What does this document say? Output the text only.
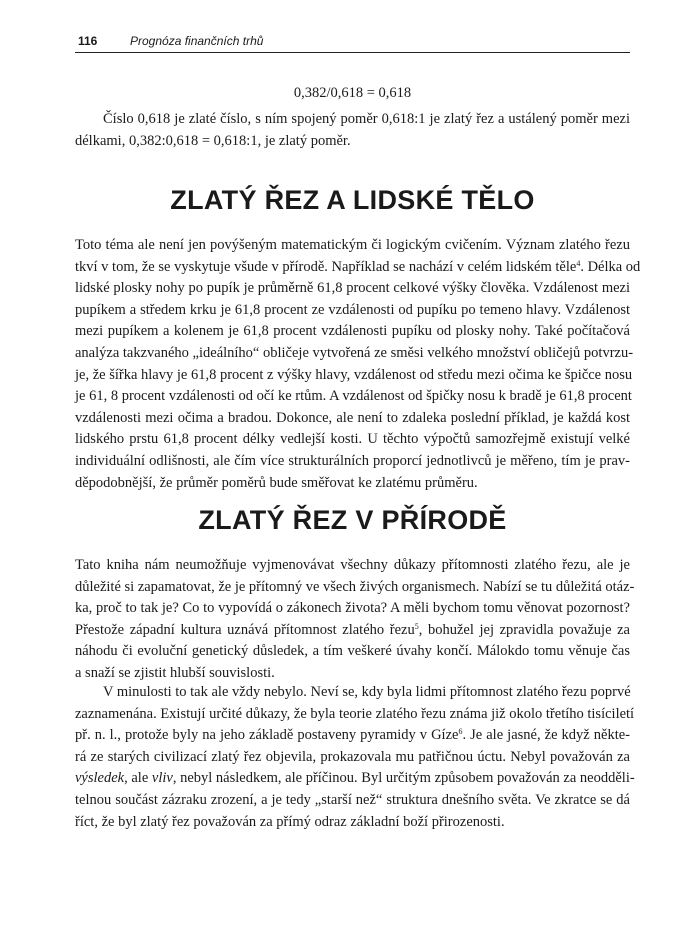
116	Prognóza finančních trhů
0,382/0,618 = 0,618
Číslo 0,618 je zlaté číslo, s ním spojený poměr 0,618:1 je zlatý řez a ustálený poměr mezi
délkami, 0,382:0,618 = 0,618:1, je zlatý poměr.
ZLATÝ ŘEZ A LIDSKÉ TĚLO
Toto téma ale není jen povýšeným matematickým či logickým cvičením. Význam zlatého řezu
tkví v tom, že se vyskytuje všude v přírodě. Například se nachází v celém lidském těle$^4$. Délka od
lidské plosky nohy po pupík je průměrně 61,8 procent celkové výšky člověka. Vzdálenost mezi
pupíkem a středem krku je 61,8 procent ze vzdálenosti od pupíku po temeno hlavy. Vzdálenost
mezi pupíkem a kolenem je 61,8 procent vzdálenosti pupíku od plosky nohy. Také počítačová
analýza takzvaného „ideálního“ obličeje vytvořená ze směsi velkého množství obličejů potvrzu-
je, že šířka hlavy je 61,8 procent z výšky hlavy, vzdálenost od středu mezi očima ke špičce nosu
je 61, 8 procent vzdálenosti od očí ke rtům. A vzdálenost od špičky nosu k bradě je 61,8 procent
vzdálenosti mezi očima a bradou. Dokonce, ale není to zdaleka poslední příklad, je každá kost
lidského prstu 61,8 procent délky vedlejší kosti. U těchto výpočtů samozřejmě existují velké
individuální odlišnosti, ale čím více strukturálních proporcí jednotlivců je měřeno, tím je prav-
děpodobnější, že průměr poměrů bude směřovat ke zlatému průměru.
ZLATÝ ŘEZ V PŘÍRODĚ
Tato kniha nám neumožňuje vyjmenovávat všechny důkazy přítomnosti zlatého řezu, ale je
důležité si zapamatovat, že je přítomný ve všech živých organismech. Nabízí se tu důležitá otáz-
ka, proč to tak je? Co to vypovídá o zákonech života? A měli bychom tomu věnovat pozornost?
Přestože západní kultura uznává přítomnost zlatého řezu$^5$, bohužel jej zpravidla považuje za
náhodu či evoluční genetický důsledek, a tím veškeré úvahy končí. Málokdo tomu věnuje čas
a snaží se zjistit hlubší souvislosti.
V minulosti to tak ale vždy nebylo. Neví se, kdy byla lidmi přítomnost zlatého řezu poprvé
zaznamenána. Existují určité důkazy, že byla teorie zlatého řezu známa již okolo třetího tisíciletí
př. n. l., protože byly na jeho základě postaveny pyramidy v Gíze$^6$. Je ale jasné, že když někte-
rá ze starých civilizací zlatý řez objevila, prokazovala mu patřičnou úctu. Nebyl považován za
výsledek, ale vliv, nebyl následkem, ale příčinou. Byl určitým způsobem považován za neodděli-
telnou součást zázraku zrození, a je tedy „starší než“ struktura dnešního světa. Ve zkratce se dá
říct, že byl zlatý řez považován za přímý odraz základní boží přirozenosti.
